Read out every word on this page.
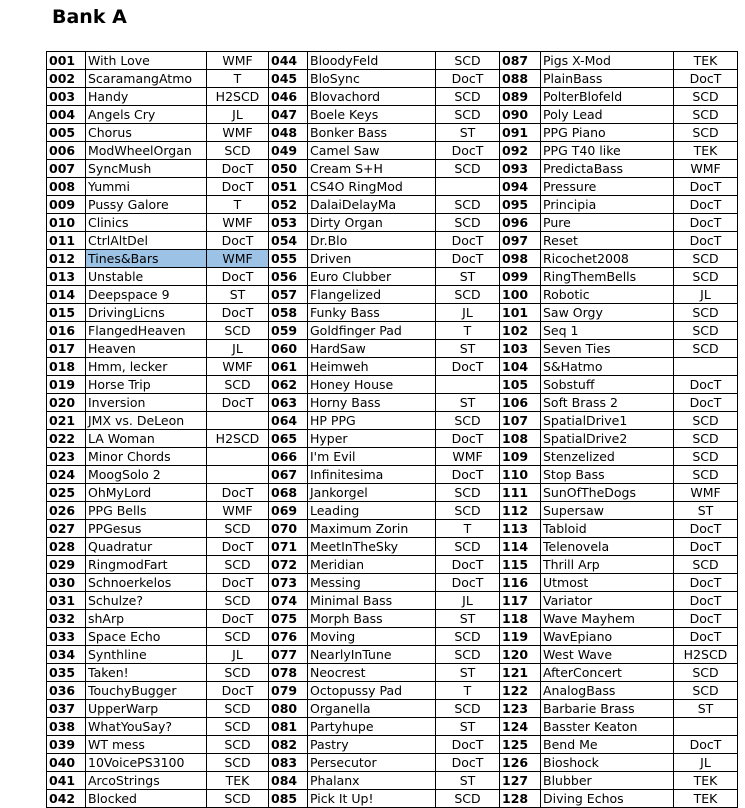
Bank A
001	With Love	WMF	044	BloodyFeld	SCD	087	Pigs X-Mod	TEK
002	ScaramangAtmo	T	045	BloSync	DocT	088	PlainBass	DocT
003	Handy	H2SCD	046	Blovachord	SCD	089	PolterBlofeld	SCD
004	Angels Cry	JL	047	Boele Keys	SCD	090	Poly Lead	SCD
005	Chorus	WMF	048	Bonker Bass	ST	091	PPG Piano	SCD
006	ModWheelOrgan	SCD	049	Camel Saw	DocT	092	PPG T40 like	TEK
007	SyncMush	DocT	050	Cream S+H	SCD	093	PredictaBass	WMF
008	Yummi	DocT	051	CS4O RingMod		094	Pressure	DocT
009	Pussy Galore	T	052	DalaiDelayMa	SCD	095	Principia	DocT
010	Clinics	WMF	053	Dirty Organ	SCD	096	Pure	DocT
011	CtrlAltDel	DocT	054	Dr.Blo	DocT	097	Reset	DocT
012	Tines&Bars	WMF	055	Driven	DocT	098	Ricochet2008	SCD
013	Unstable	DocT	056	Euro Clubber	ST	099	RingThemBells	SCD
014	Deepspace 9	ST	057	Flangelized	SCD	100	Robotic	JL
015	DrivingLicns	DocT	058	Funky Bass	JL	101	Saw Orgy	SCD
016	FlangedHeaven	SCD	059	Goldfinger Pad	T	102	Seq 1	SCD
017	Heaven	JL	060	HardSaw	ST	103	Seven Ties	SCD
018	Hmm, lecker	WMF	061	Heimweh	DocT	104	S&Hatmo	
019	Horse Trip	SCD	062	Honey House		105	Sobstuff	DocT
020	Inversion	DocT	063	Horny Bass	ST	106	Soft Brass 2	DocT
021	JMX vs. DeLeon		064	HP PPG	SCD	107	SpatialDrive1	SCD
022	LA Woman	H2SCD	065	Hyper	DocT	108	SpatialDrive2	SCD
023	Minor Chords		066	I'm Evil	WMF	109	Stenzelized	SCD
024	MoogSolo 2		067	Infinitesima	DocT	110	Stop Bass	SCD
025	OhMyLord	DocT	068	Jankorgel	SCD	111	SunOfTheDogs	WMF
026	PPG Bells	WMF	069	Leading	SCD	112	Supersaw	ST
027	PPGesus	SCD	070	Maximum Zorin	T	113	Tabloid	DocT
028	Quadratur	DocT	071	MeetInTheSky	SCD	114	Telenovela	DocT
029	RingmodFart	SCD	072	Meridian	DocT	115	Thrill Arp	SCD
030	Schnoerkelos	DocT	073	Messing	DocT	116	Utmost	DocT
031	Schulze?	SCD	074	Minimal Bass	JL	117	Variator	DocT
032	shArp	DocT	075	Morph Bass	ST	118	Wave Mayhem	DocT
033	Space Echo	SCD	076	Moving	SCD	119	WavEpiano	DocT
034	Synthline	JL	077	NearlyInTune	SCD	120	West Wave	H2SCD
035	Taken!	SCD	078	Neocrest	ST	121	AfterConcert	SCD
036	TouchyBugger	DocT	079	Octopussy Pad	T	122	AnalogBass	SCD
037	UpperWarp	SCD	080	Organella	SCD	123	Barbarie Brass	ST
038	WhatYouSay?	SCD	081	Partyhupe	ST	124	Basster Keaton	
039	WT mess	SCD	082	Pastry	DocT	125	Bend Me	DocT
040	10VoicePS3100	SCD	083	Persecutor	DocT	126	Bioshock	JL
041	ArcoStrings	TEK	084	Phalanx	ST	127	Blubber	TEK
042	Blocked	SCD	085	Pick It Up!	SCD	128	Diving Echos	TEK
